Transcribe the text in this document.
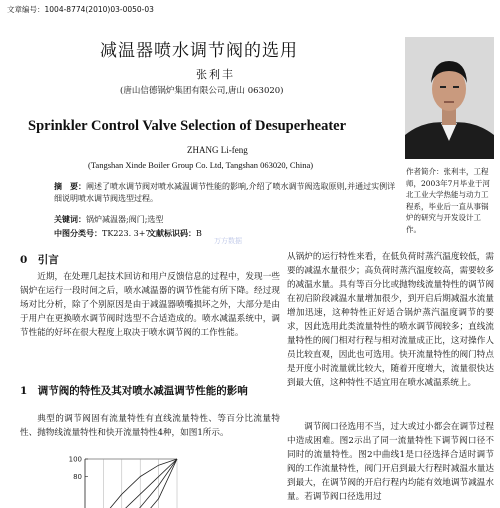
文章编号：1004-8774(2010)03-0050-03
减温器喷水调节阀的选用
张利丰
(唐山信德锅炉集团有限公司,唐山 063020)
Sprinkler Control Valve Selection of Desuperheater
ZHANG Li-feng
(Tangshan Xinde Boiler Group Co. Ltd, Tangshan 063020, China)
摘　要：阐述了喷水调节阀对喷水减温调节性能的影响,介绍了喷水调节阀选取原则,并通过实例详细说明喷水调节阀选型过程。
关键词：锅炉减温器;阀门;选型
中图分类号：TK223. 3+7
文献标识码：B
作者简介：张利丰，工程师，2003年7月毕业于河北工业大学热能与动力工程系，毕业后一直从事锅炉的研究与开发设计工作。
万方数据
0　引言
近期，在处理几起技术回访和用户反馈信息的过程中，发现一些锅炉在运行一段时间之后，喷水减温器的调节性能有所下降。经过现场对比分析，除了个别原因是由于减温器喷嘴损坏之外，大部分是由于用户在更换喷水调节阀时选型不合适造成的。喷水减温系统中，调节性能的好坏在很大程度上取决于喷水调节阀的工作性能。
1　调节阀的特性及其对喷水减温调节性能的影响
典型的调节阀固有流量特性有直线流量特性、等百分比流量特性、抛物线流量特性和快开流量特性4种，如图1所示。
从锅炉的运行特性来看，在低负荷时蒸汽温度较低，需要的减温水量很少；高负荷时蒸汽温度较高，需要较多的减温水量。具有等百分比或抛物线流量特性的调节阀在初启阶段减温水量增加很少，到开启后期减温水流量增加迅速，这种特性正好适合锅炉蒸汽温度调节的要求，因此选用此类流量特性的喷水调节阀较多；直线流量特性的阀门相对行程与相对流量成正比，这对操作人员比较直观，因此也可选用。快开流量特性的阀门特点是开度小时流量就比较大，随着开度增大，流量很快达到最大值，这种特性不适宜用在喷水减温系统上。
调节阀口径选用不当，过大或过小都会在调节过程中造成困难。图2示出了同一流量特性下调节阀口径不同时的流量特性。图2中曲线1是口径选择合适时调节阀的工作流量特性，阀门开启到最大行程时减温水量达到最大，在调节阀的开启行程内均能有效地调节减温水量。若调节阀口径选用过
100
80
